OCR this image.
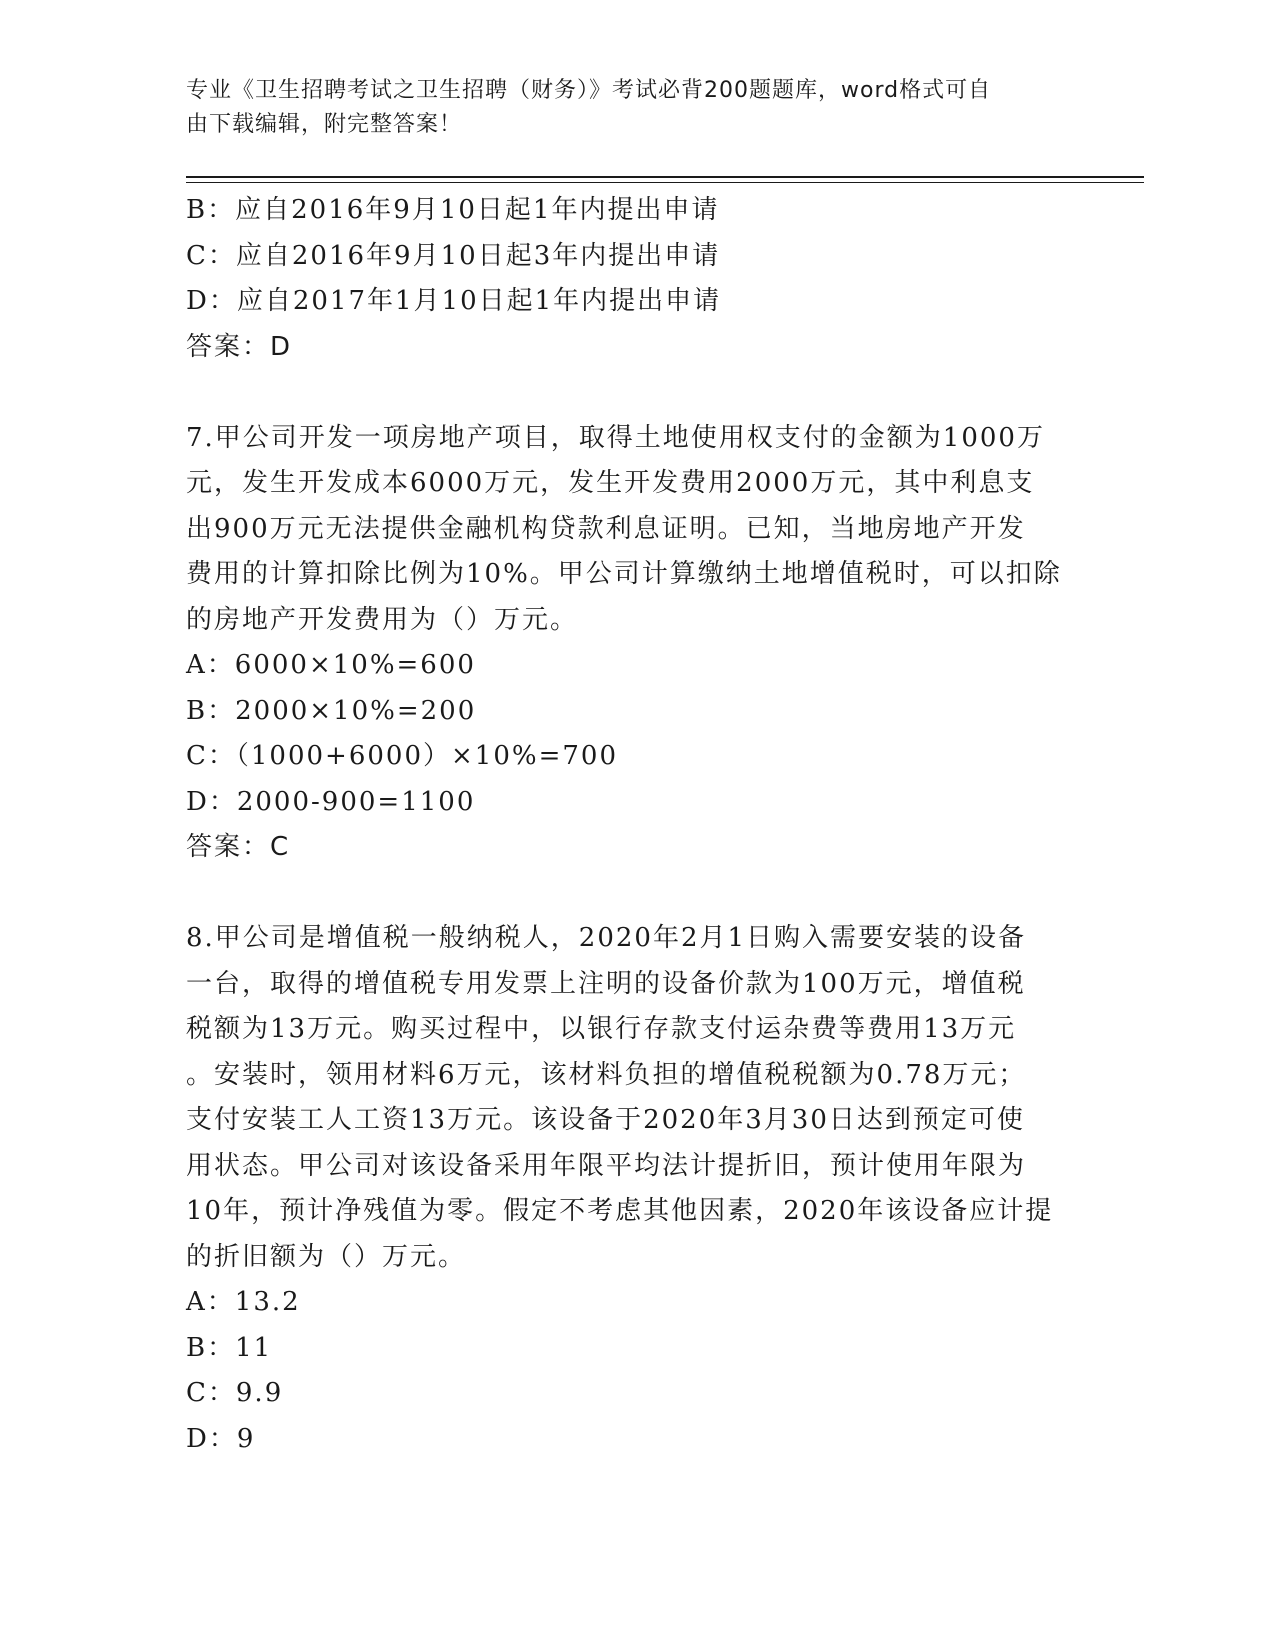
专业《卫生招聘考试之卫生招聘（财务）》考试必背200题题库，word格式可自
由下载编辑，附完整答案！
B：应自2016年9月10日起1年内提出申请
C：应自2016年9月10日起3年内提出申请
D：应自2017年1月10日起1年内提出申请
答案：D
7.甲公司开发一项房地产项目，取得土地使用权支付的金额为1000万
元，发生开发成本6000万元，发生开发费用2000万元，其中利息支
出900万元无法提供金融机构贷款利息证明。已知，当地房地产开发
费用的计算扣除比例为10%。甲公司计算缴纳土地增值税时，可以扣除
的房地产开发费用为（）万元。
A：6000×10%=600
B：2000×10%=200
C：（1000+6000）×10%=700
D：2000-900=1100
答案：C
8.甲公司是增值税一般纳税人，2020年2月1日购入需要安装的设备
一台，取得的增值税专用发票上注明的设备价款为100万元，增值税
税额为13万元。购买过程中，以银行存款支付运杂费等费用13万元
。安装时，领用材料6万元，该材料负担的增值税税额为0.78万元；
支付安装工人工资13万元。该设备于2020年3月30日达到预定可使
用状态。甲公司对该设备采用年限平均法计提折旧，预计使用年限为
10年，预计净残值为零。假定不考虑其他因素，2020年该设备应计提
的折旧额为（）万元。
A：13.2
B：11
C：9.9
D：9
